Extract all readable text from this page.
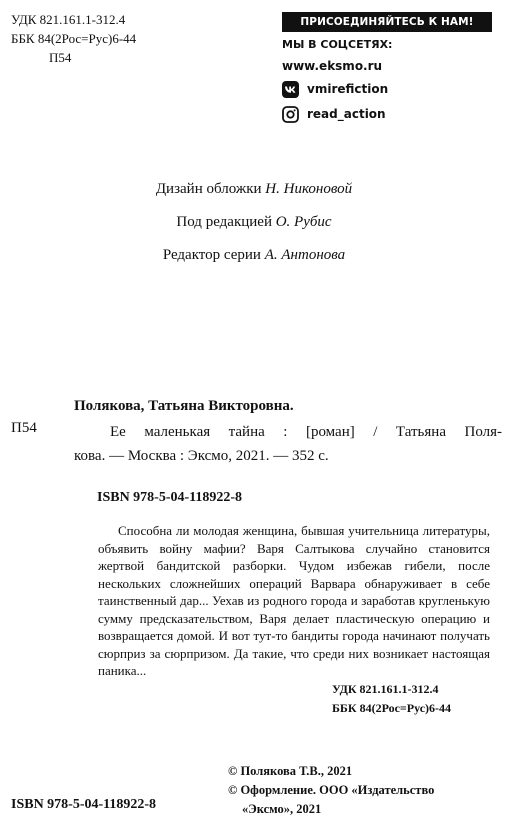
УДК 821.161.1-312.4
ББК 84(2Рос=Рус)6-44
П54
ПРИСОЕДИНЯЙТЕСЬ К НАМ!
МЫ В СОЦСЕТЯХ:
www.eksmo.ru
vmirefiction
read_action
Дизайн обложки Н. Никоновой
Под редакцией О. Рубис
Редактор серии А. Антонова
Полякова, Татьяна Викторовна.
П54	Ее маленькая тайна : [роман] / Татьяна Поля-

кова. — Москва : Эксмо, 2021. — 352 с.

ISBN 978-5-04-118922-8
Способна ли молодая женщина, бывшая учительница литературы, объявить войну мафии? Варя Салтыкова случайно становится жертвой бандитской разборки. Чудом избежав гибели, после нескольких сложнейших операций Варвара обнаруживает в себе таинственный дар... Уехав из родного города и заработав кругленькую сумму предсказательством, Варя делает пластическую операцию и возвращается домой. И вот тут-то бандиты города начинают получать сюрприз за сюрпризом. Да такие, что среди них возникает настоящая паника...
УДК 821.161.1-312.4
ББК 84(2Рос=Рус)6-44
© Полякова Т.В., 2021
© Оформление. ООО «Издательство
«Эксмо», 2021
ISBN 978-5-04-118922-8
